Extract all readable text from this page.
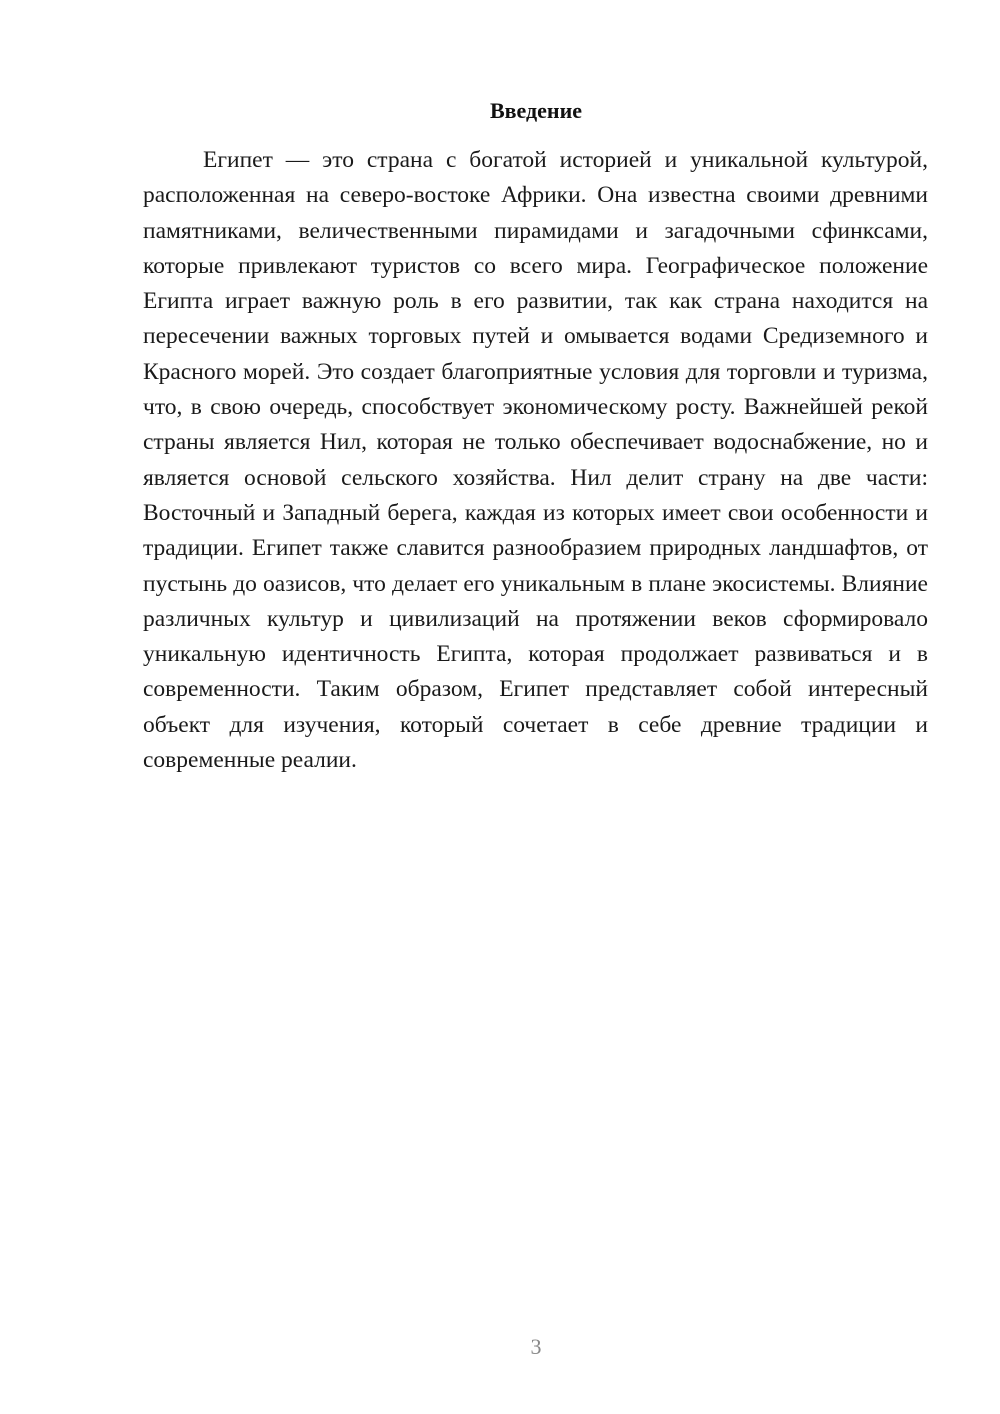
Введение

Египет — это страна с богатой историей и уникальной культурой, расположенная на северо-востоке Африки. Она известна своими древними памятниками, величественными пирамидами и загадочными сфинксами, которые привлекают туристов со всего мира. Географическое положение Египта играет важную роль в его развитии, так как страна находится на пересечении важных торговых путей и омывается водами Средиземного и Красного морей. Это создает благоприятные условия для торговли и туризма, что, в свою очередь, способствует экономическому росту. Важнейшей рекой страны является Нил, которая не только обеспечивает водоснабжение, но и является основой сельского хозяйства. Нил делит страну на две части: Восточный и Западный берега, каждая из которых имеет свои особенности и традиции. Египет также славится разнообразием природных ландшафтов, от пустынь до оазисов, что делает его уникальным в плане экосистемы. Влияние различных культур и цивилизаций на протяжении веков сформировало уникальную идентичность Египта, которая продолжает развиваться и в современности. Таким образом, Египет представляет собой интересный объект для изучения, который сочетает в себе древние традиции и современные реалии.

3
